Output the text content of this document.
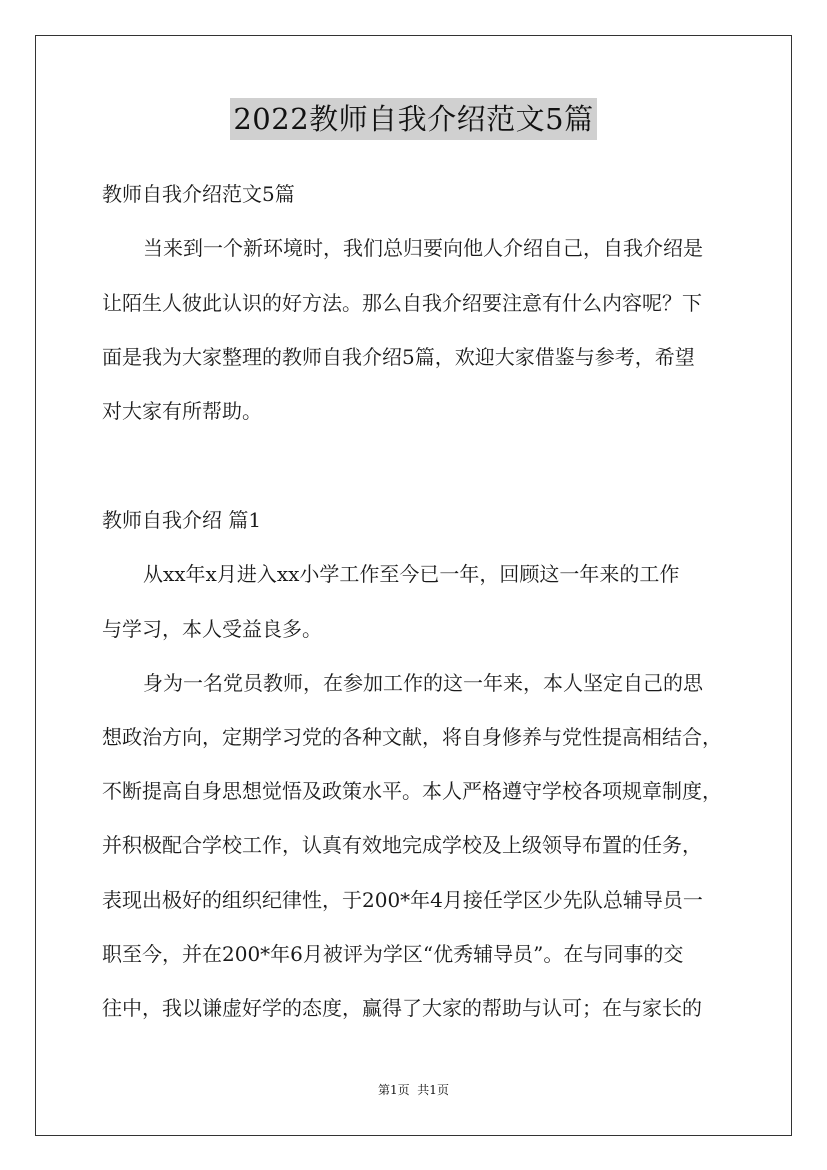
2022教师自我介绍范文5篇
教师自我介绍范文5篇
当来到一个新环境时，我们总归要向他人介绍自己，自我介绍是
让陌生人彼此认识的好方法。那么自我介绍要注意有什么内容呢？下
面是我为大家整理的教师自我介绍5篇，欢迎大家借鉴与参考，希望
对大家有所帮助。
教师自我介绍 篇1
从xx年x月进入xx小学工作至今已一年，回顾这一年来的工作
与学习，本人受益良多。
身为一名党员教师，在参加工作的这一年来，本人坚定自己的思
想政治方向，定期学习党的各种文献，将自身修养与党性提高相结合，
不断提高自身思想觉悟及政策水平。本人严格遵守学校各项规章制度，
并积极配合学校工作，认真有效地完成学校及上级领导布置的任务，
表现出极好的组织纪律性，于200*年4月接任学区少先队总辅导员一
职至今，并在200*年6月被评为学区“优秀辅导员”。在与同事的交
往中，我以谦虚好学的态度，赢得了大家的帮助与认可；在与家长的
第1页  共1页
